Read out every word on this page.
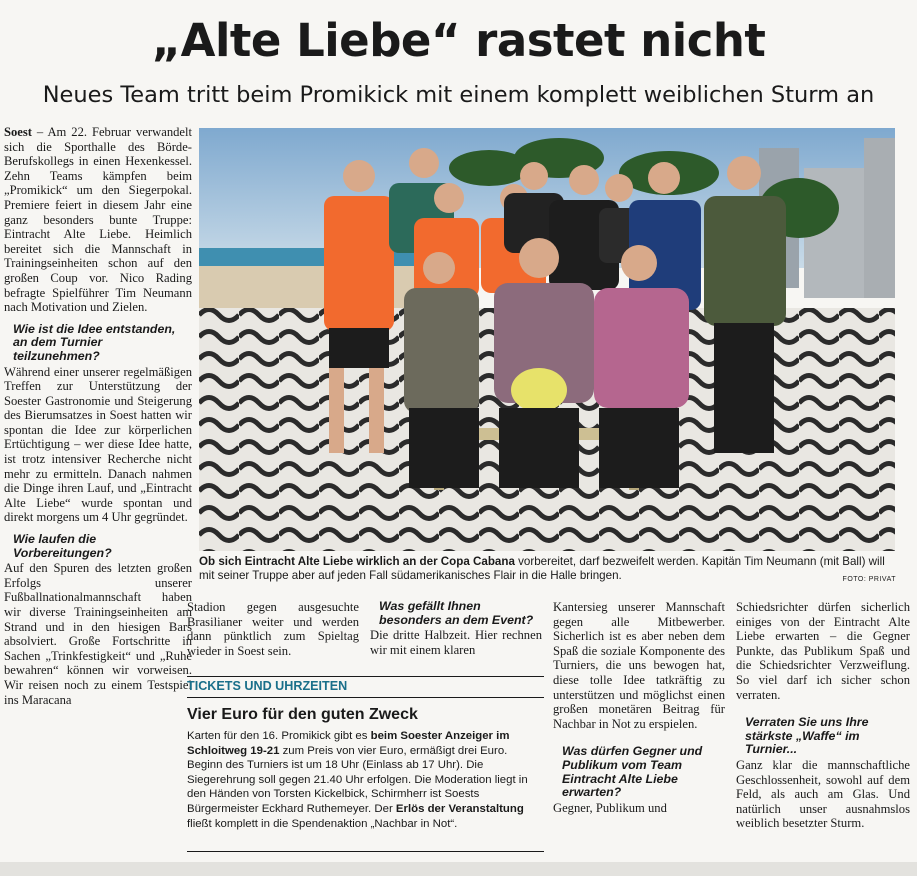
„Alte Liebe“ rastet nicht
Neues Team tritt beim Promikick mit einem komplett weiblichen Sturm an

Soest – Am 22. Februar verwandelt sich die Sporthalle des Börde-Berufskollegs in einen Hexenkessel. Zehn Teams kämpfen beim „Promikick“ um den Siegerpokal. Premiere feiert in diesem Jahr eine ganz besonders bunte Truppe: Eintracht Alte Liebe. Heimlich bereitet sich die Mannschaft in Trainingseinheiten schon auf den großen Coup vor. Nico Rading befragte Spielführer Tim Neumann nach Motivation und Zielen.

Wie ist die Idee entstanden, an dem Turnier teilzunehmen?

Während einer unserer regelmäßigen Treffen zur Unterstützung der Soester Gastronomie und Steigerung des Bierumsatzes in Soest hatten wir spontan die Idee zur körperlichen Ertüchtigung – wer diese Idee hatte, ist trotz intensiver Recherche nicht mehr zu ermitteln. Danach nahmen die Dinge ihren Lauf, und „Eintracht Alte Liebe“ wurde spontan und direkt morgens um 4 Uhr gegründet.

Wie laufen die Vorbereitungen?

Auf den Spuren des letzten großen Erfolgs unserer Fußballnationalmannschaft haben wir diverse Trainingseinheiten am Strand und in den hiesigen Bars absolviert. Große Fortschritte in Sachen „Trinkfestigkeit“ und „Ruhe bewahren“ können wir vorweisen. Wir reisen noch zu einem Testspiel ins Maracana

Ob sich Eintracht Alte Liebe wirklich an der Copa Cabana vorbereitet, darf bezweifelt werden. Kapitän Tim Neumann (mit Ball) will mit seiner Truppe aber auf jeden Fall südamerikanisches Flair in die Halle bringen.	FOTO: PRIVAT

Stadion gegen ausgesuchte Brasilianer weiter und werden dann pünktlich zum Spieltag wieder in Soest sein.

Was gefällt Ihnen besonders an dem Event?

Die dritte Halbzeit. Hier rechnen wir mit einem klaren

Kantersieg unserer Mannschaft gegen alle Mitbewerber. Sicherlich ist es aber neben dem Spaß die soziale Komponente des Turniers, die uns bewogen hat, diese tolle Idee tatkräftig zu unterstützen und möglichst einen großen monetären Beitrag für Nachbar in Not zu erspielen.

Was dürfen Gegner und Publikum vom Team Eintracht Alte Liebe erwarten?

Gegner, Publikum und

Schiedsrichter dürfen sicherlich einiges von der Eintracht Alte Liebe erwarten – die Gegner Punkte, das Publikum Spaß und die Schiedsrichter Verzweiflung. So viel darf ich sicher schon verraten.

Verraten Sie uns Ihre stärkste „Waffe“ im Turnier...

Ganz klar die mannschaftliche Geschlossenheit, sowohl auf dem Feld, als auch am Glas. Und natürlich unser ausnahmslos weiblich besetzter Sturm.

TICKETS UND UHRZEITEN
Vier Euro für den guten Zweck
Karten für den 16. Promikick gibt es beim Soester Anzeiger im Schloitweg 19-21 zum Preis von vier Euro, ermäßigt drei Euro. Beginn des Turniers ist um 18 Uhr (Einlass ab 17 Uhr). Die Siegerehrung soll gegen 21.40 Uhr erfolgen. Die Moderation liegt in den Händen von Torsten Kickelbick, Schirmherr ist Soests Bürgermeister Eckhard Ruthemeyer. Der Erlös der Veranstaltung fließt komplett in die Spendenaktion „Nachbar in Not“.
